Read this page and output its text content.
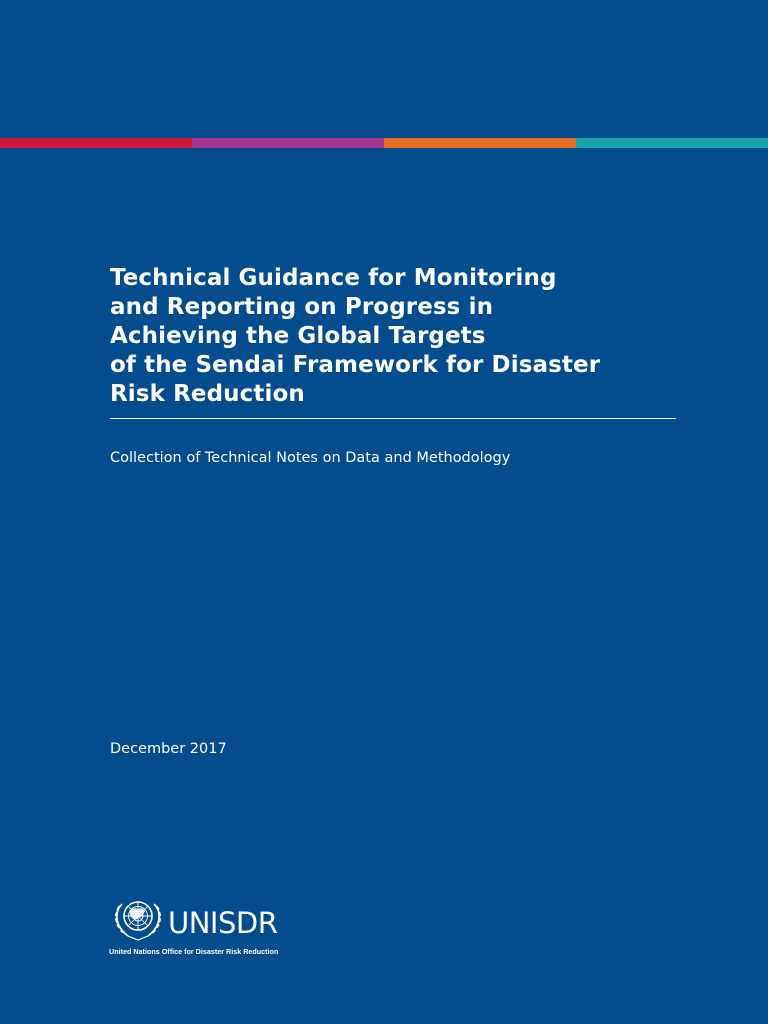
Technical Guidance for Monitoring
and Reporting on Progress in
Achieving the Global Targets
of the Sendai Framework for Disaster
Risk Reduction

Collection of Technical Notes on Data and Methodology

December 2017

UNISDR
United Nations Office for Disaster Risk Reduction
